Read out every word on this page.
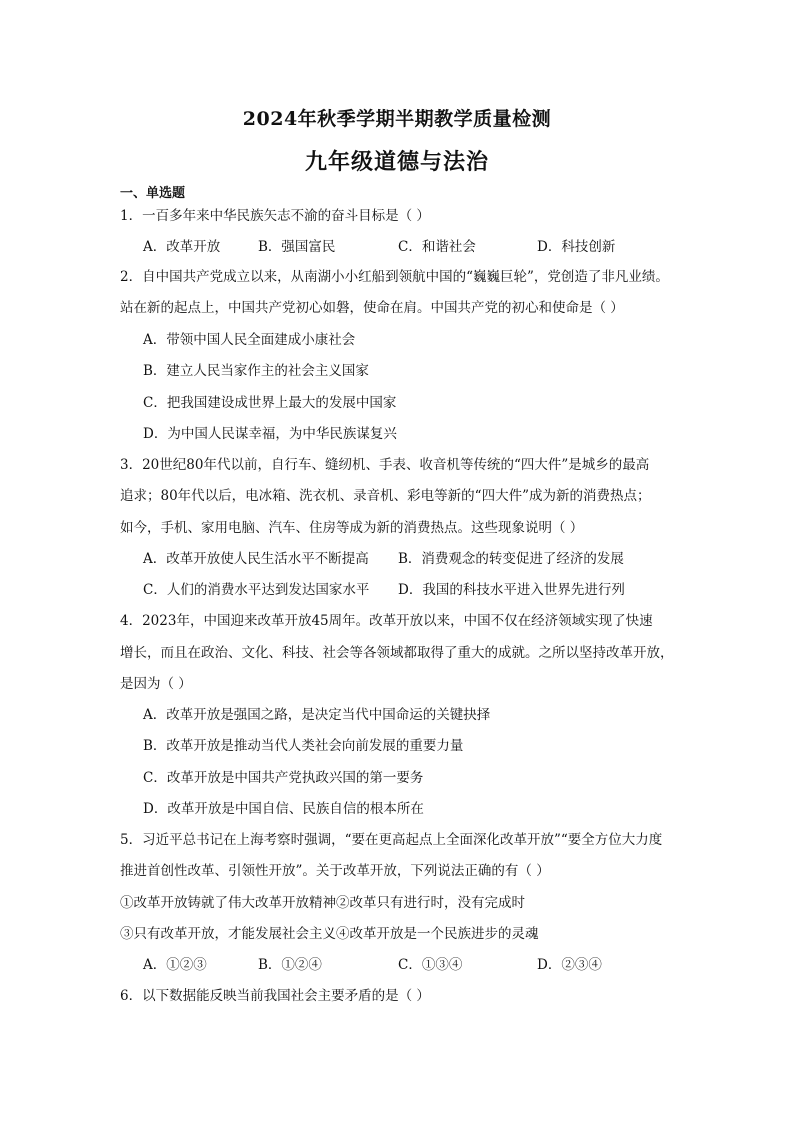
2024年秋季学期半期教学质量检测
九年级道德与法治
一、单选题
1．一百多年来中华民族矢志不渝的奋斗目标是（ ）
A．改革开放	B．强国富民	C．和谐社会	D．科技创新
2．自中国共产党成立以来，从南湖小小红船到领航中国的“巍巍巨轮”，党创造了非凡业绩。
站在新的起点上，中国共产党初心如磐，使命在肩。中国共产党的初心和使命是（ ）
A．带领中国人民全面建成小康社会
B．建立人民当家作主的社会主义国家
C．把我国建设成世界上最大的发展中国家
D．为中国人民谋幸福，为中华民族谋复兴
3．20世纪80年代以前，自行车、缝纫机、手表、收音机等传统的“四大件”是城乡的最高
追求；80年代以后，电冰箱、洗衣机、录音机、彩电等新的“四大件”成为新的消费热点；
如今，手机、家用电脑、汽车、住房等成为新的消费热点。这些现象说明（ ）
A．改革开放使人民生活水平不断提高 B．消费观念的转变促进了经济的发展
C．人们的消费水平达到发达国家水平 D．我国的科技水平进入世界先进行列
4．2023年，中国迎来改革开放45周年。改革开放以来，中国不仅在经济领域实现了快速
增长，而且在政治、文化、科技、社会等各领域都取得了重大的成就。之所以坚持改革开放，
是因为（ ）
A．改革开放是强国之路，是决定当代中国命运的关键抉择
B．改革开放是推动当代人类社会向前发展的重要力量
C．改革开放是中国共产党执政兴国的第一要务
D．改革开放是中国自信、民族自信的根本所在
5．习近平总书记在上海考察时强调，“要在更高起点上全面深化改革开放”“要全方位大力度
推进首创性改革、引领性开放”。关于改革开放，下列说法正确的有（ ）
①改革开放铸就了伟大改革开放精神②改革只有进行时，没有完成时
③只有改革开放，才能发展社会主义④改革开放是一个民族进步的灵魂
A．①②③	B．①②④	C．①③④	D．②③④
6．以下数据能反映当前我国社会主要矛盾的是（ ）
